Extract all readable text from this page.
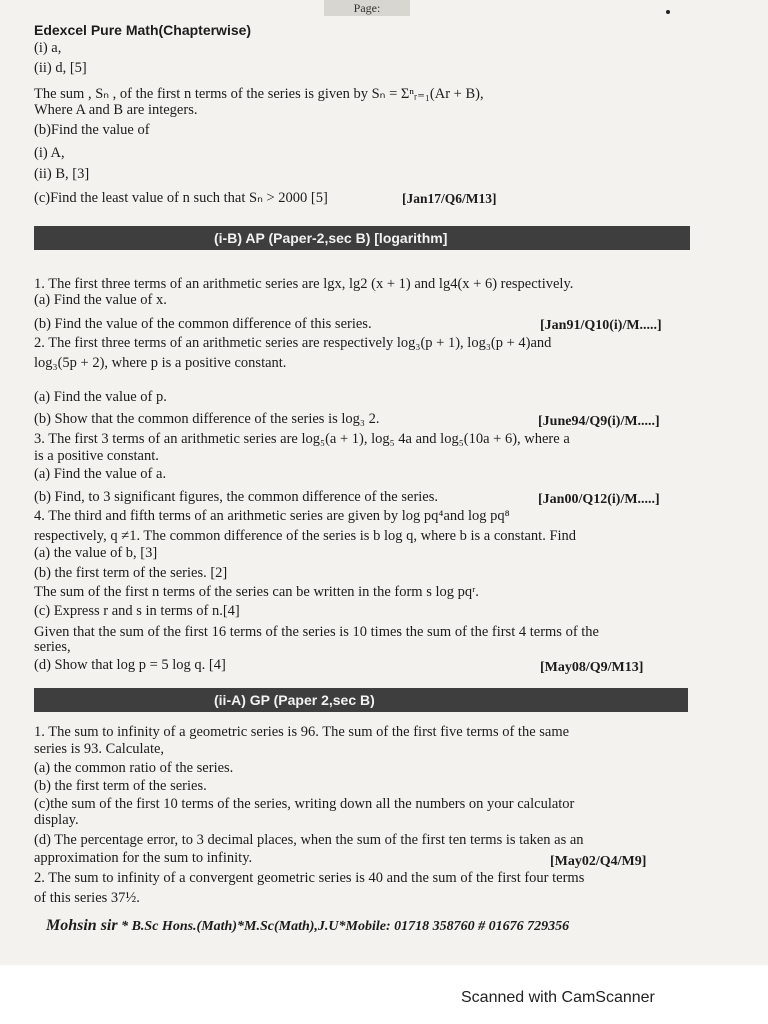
Page:
Edexcel Pure Math(Chapterwise)
(i) a,
(ii) d, [5]
The sum , Sₙ , of the first n terms of the series is given by Sₙ = Σⁿᵣ₌₁(Ar + B),
Where A and B are integers.
(b)Find the value of
(i) A,
(ii) B, [3]
(c)Find the least value of n such that Sₙ > 2000 [5]	[Jan17/Q6/M13]
(i-B) AP (Paper-2,sec B) [logarithm]
1. The first three terms of an arithmetic series are lgx, lg2 (x + 1) and lg4(x + 6) respectively.
(a) Find the value of x.
(b) Find the value of the common difference of this series.	[Jan91/Q10(i)/M.....]
2. The first three terms of an arithmetic series are respectively log₃(p + 1), log₃(p + 4)and
log₃(5p + 2), where p is a positive constant.
(a) Find the value of p.
(b) Show that the common difference of the series is log₃ 2.	[June94/Q9(i)/M.....]
3. The first 3 terms of an arithmetic series are log₅(a + 1), log₅ 4a and log₅(10a + 6), where a
is a positive constant.
(a) Find the value of a.
(b) Find, to 3 significant figures, the common difference of the series.	[Jan00/Q12(i)/M.....]
4. The third and fifth terms of an arithmetic series are given by log pq⁴and log pq⁸
respectively, q ≠1. The common difference of the series is b log q, where b is a constant. Find
(a) the value of b, [3]
(b) the first term of the series. [2]
The sum of the first n terms of the series can be written in the form s log pqʳ.
(c) Express r and s in terms of n.[4]
Given that the sum of the first 16 terms of the series is 10 times the sum of the first 4 terms of the
series,
(d) Show that log p = 5 log q. [4]	[May08/Q9/M13]
(ii-A) GP (Paper 2,sec B)
1. The sum to infinity of a geometric series is 96. The sum of the first five terms of the same
series is 93. Calculate,
(a) the common ratio of the series.
(b) the first term of the series.
(c)the sum of the first 10 terms of the series, writing down all the numbers on your calculator
display.
(d) The percentage error, to 3 decimal places, when the sum of the first ten terms is taken as an
approximation for the sum to infinity.	[May02/Q4/M9]
2. The sum to infinity of a convergent geometric series is 40 and the sum of the first four terms
of this series 37½.
Mohsin sir * B.Sc Hons.(Math)*M.Sc(Math),J.U*Mobile: 01718 358760 # 01676 729356
Scanned with CamScanner
